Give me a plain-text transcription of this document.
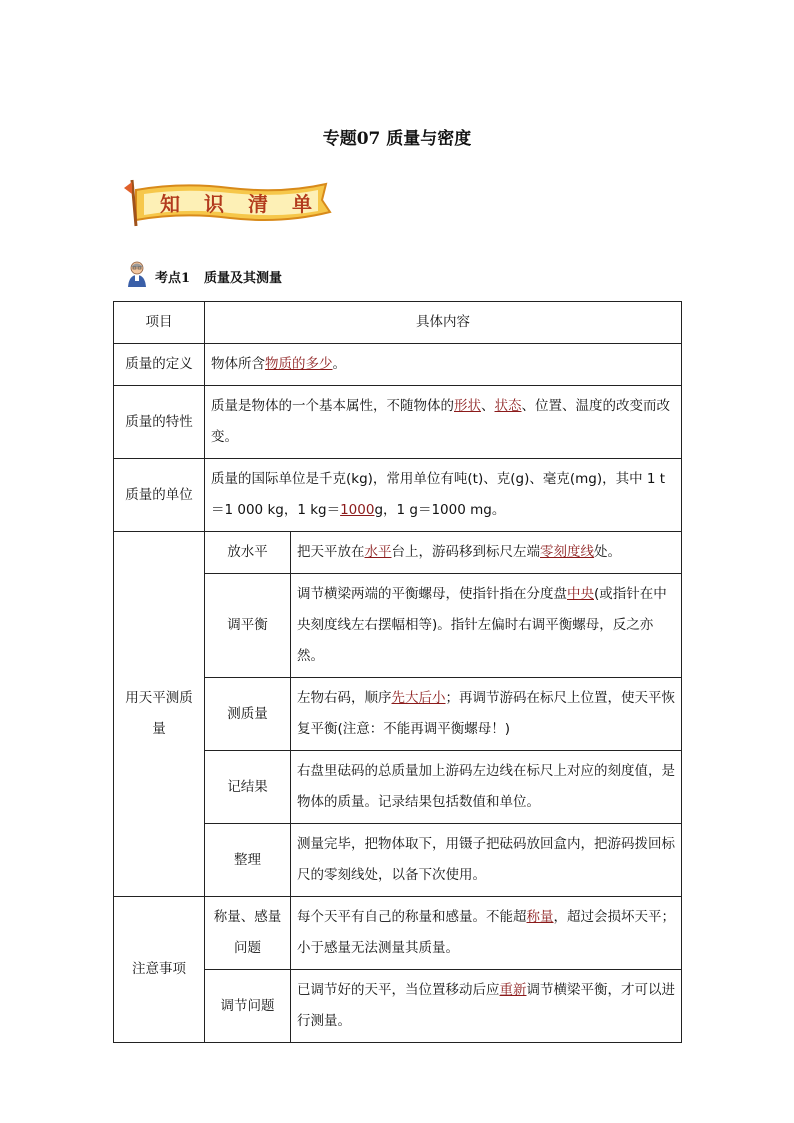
专题07 质量与密度
知 识 清 单
考点1 质量及其测量
项目	具体内容	
质量的定义	物体所含物质的多少。	
质量的特性	质量是物体的一个基本属性，不随物体的形状、状态、位置、温度的改变而改变。	
质量的单位	质量的国际单位是千克(kg)，常用单位有吨(t)、克(g)、毫克(mg)，其中 1 t＝1 000 kg，1 kg＝1000g，1 g＝1000 mg。	
用天平测质量	放水平	把天平放在水平台上，游码移到标尺左端零刻度线处。
	调平衡	调节横梁两端的平衡螺母，使指针指在分度盘中央(或指针在中央刻度线左右摆幅相等)。指针左偏时右调平衡螺母，反之亦然。
	测质量	左物右码，顺序先大后小；再调节游码在标尺上位置，使天平恢复平衡(注意：不能再调平衡螺母！)
	记结果	右盘里砝码的总质量加上游码左边线在标尺上对应的刻度值，是物体的质量。记录结果包括数值和单位。
	整理	测量完毕，把物体取下，用镊子把砝码放回盒内，把游码拨回标尺的零刻线处，以备下次使用。
注意事项	称量、感量问题	每个天平有自己的称量和感量。不能超称量，超过会损坏天平；小于感量无法测量其质量。
	调节问题	已调节好的天平，当位置移动后应重新调节横梁平衡，才可以进行测量。
